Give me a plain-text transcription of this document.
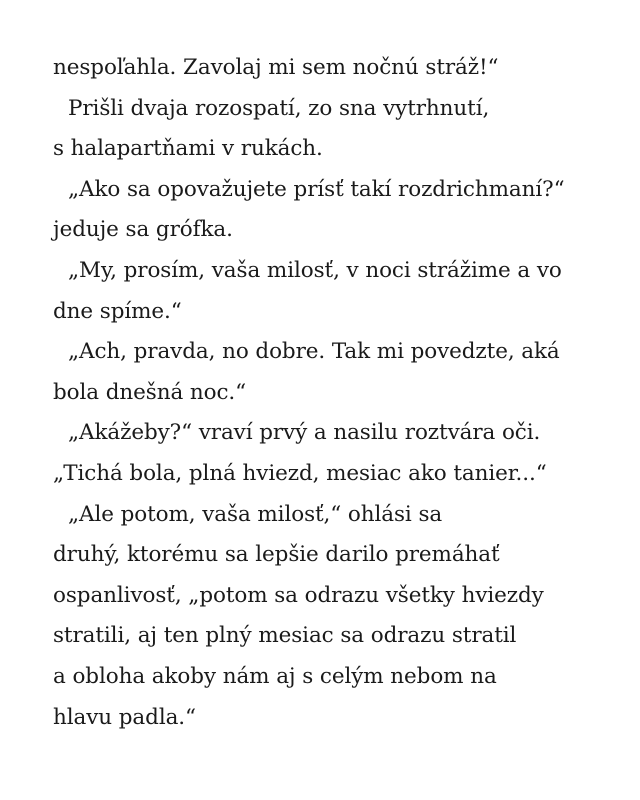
nespoľahla. Zavolaj mi sem nočnú stráž!“
Prišli dvaja rozospatí, zo sna vytrhnutí,
s halapartňami v rukách.
„Ako sa opovažujete prísť takí rozdrichmaní?“
jeduje sa grófka.
„My, prosím, vaša milosť, v noci strážime a vo
dne spíme.“
„Ach, pravda, no dobre. Tak mi povedzte, aká
bola dnešná noc.“
„Akážeby?“ vraví prvý a nasilu roztvára oči.
„Tichá bola, plná hviezd, mesiac ako tanier...“
„Ale potom, vaša milosť,“ ohlási sa
druhý, ktorému sa lepšie darilo premáhať
ospanlivosť, „potom sa odrazu všetky hviezdy
stratili, aj ten plný mesiac sa odrazu stratil
a obloha akoby nám aj s celým nebom na
hlavu padla.“
